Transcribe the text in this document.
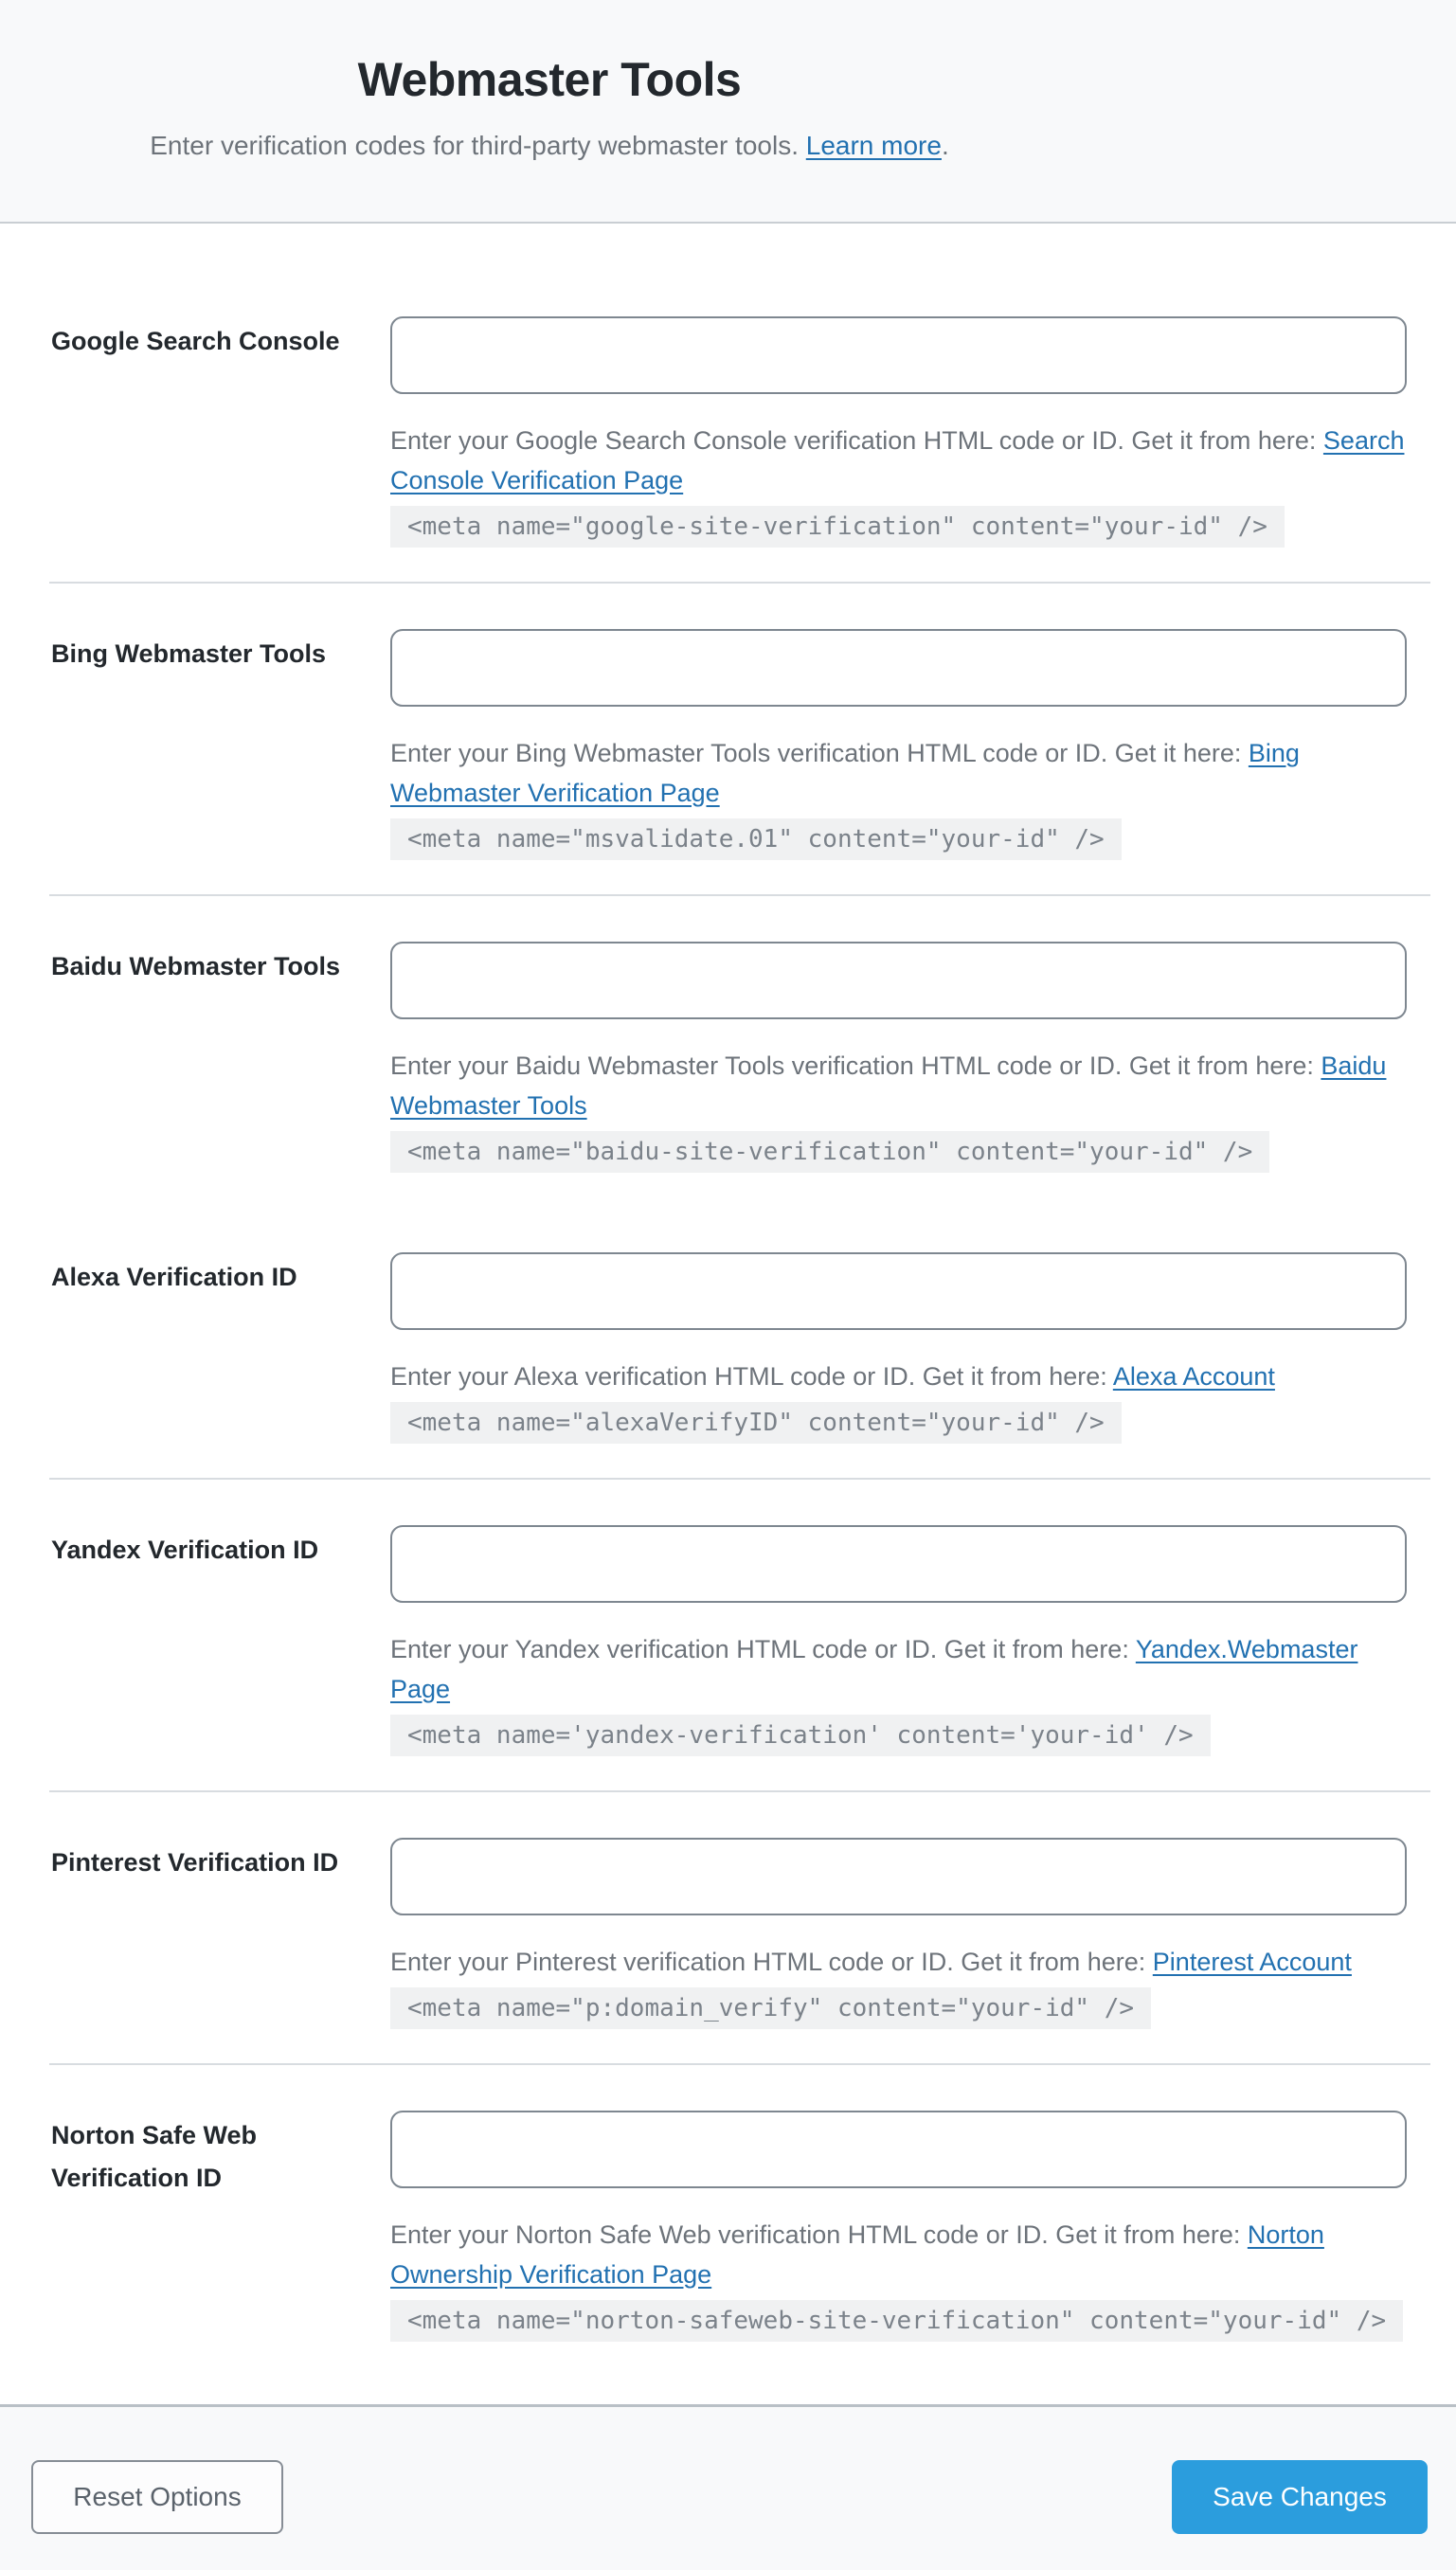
Webmaster Tools

Enter verification codes for third-party webmaster tools. Learn more.

Google Search Console

Enter your Google Search Console verification HTML code or ID. Get it from here: Search Console Verification Page

<meta name="google-site-verification" content="your-id" />
Bing Webmaster Tools

Enter your Bing Webmaster Tools verification HTML code or ID. Get it here: Bing Webmaster Verification Page

<meta name="msvalidate.01" content="your-id" />
Baidu Webmaster Tools

Enter your Baidu Webmaster Tools verification HTML code or ID. Get it from here: Baidu Webmaster Tools

<meta name="baidu-site-verification" content="your-id" />
Alexa Verification ID

Enter your Alexa verification HTML code or ID. Get it from here: Alexa Account

<meta name="alexaVerifyID" content="your-id" />
Yandex Verification ID

Enter your Yandex verification HTML code or ID. Get it from here: Yandex.Webmaster Page

<meta name='yandex-verification' content='your-id' />
Pinterest Verification ID

Enter your Pinterest verification HTML code or ID. Get it from here: Pinterest Account

<meta name="p:domain_verify" content="your-id" />
Norton Safe Web Verification ID

Enter your Norton Safe Web verification HTML code or ID. Get it from here: Norton Ownership Verification Page

<meta name="norton-safeweb-site-verification" content="your-id" />
Reset Options	Save Changes
